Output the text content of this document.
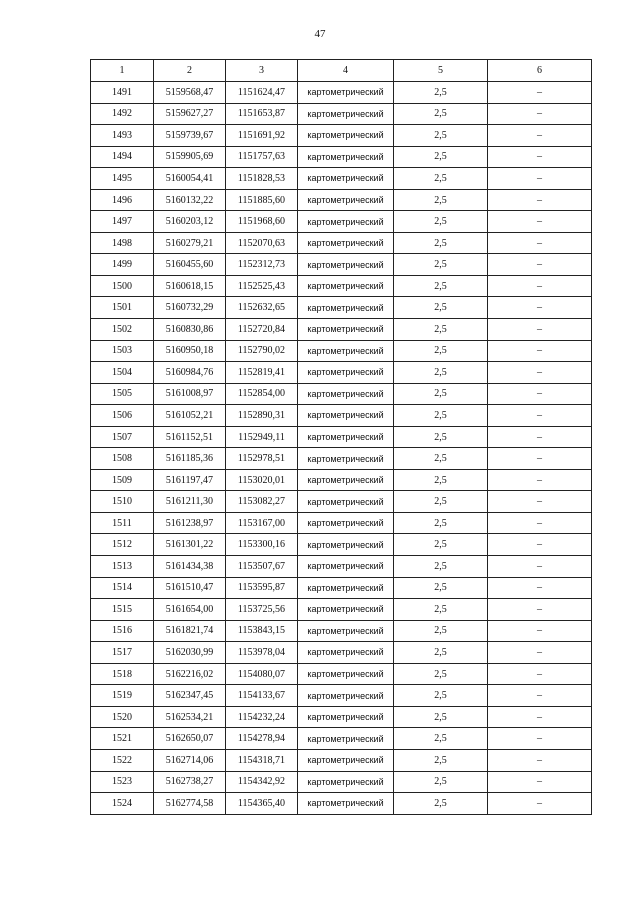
47
1	2	3	4	5	6
1491	5159568,47	1151624,47	картометрический	2,5	–
1492	5159627,27	1151653,87	картометрический	2,5	–
1493	5159739,67	1151691,92	картометрический	2,5	–
1494	5159905,69	1151757,63	картометрический	2,5	–
1495	5160054,41	1151828,53	картометрический	2,5	–
1496	5160132,22	1151885,60	картометрический	2,5	–
1497	5160203,12	1151968,60	картометрический	2,5	–
1498	5160279,21	1152070,63	картометрический	2,5	–
1499	5160455,60	1152312,73	картометрический	2,5	–
1500	5160618,15	1152525,43	картометрический	2,5	–
1501	5160732,29	1152632,65	картометрический	2,5	–
1502	5160830,86	1152720,84	картометрический	2,5	–
1503	5160950,18	1152790,02	картометрический	2,5	–
1504	5160984,76	1152819,41	картометрический	2,5	–
1505	5161008,97	1152854,00	картометрический	2,5	–
1506	5161052,21	1152890,31	картометрический	2,5	–
1507	5161152,51	1152949,11	картометрический	2,5	–
1508	5161185,36	1152978,51	картометрический	2,5	–
1509	5161197,47	1153020,01	картометрический	2,5	–
1510	5161211,30	1153082,27	картометрический	2,5	–
1511	5161238,97	1153167,00	картометрический	2,5	–
1512	5161301,22	1153300,16	картометрический	2,5	–
1513	5161434,38	1153507,67	картометрический	2,5	–
1514	5161510,47	1153595,87	картометрический	2,5	–
1515	5161654,00	1153725,56	картометрический	2,5	–
1516	5161821,74	1153843,15	картометрический	2,5	–
1517	5162030,99	1153978,04	картометрический	2,5	–
1518	5162216,02	1154080,07	картометрический	2,5	–
1519	5162347,45	1154133,67	картометрический	2,5	–
1520	5162534,21	1154232,24	картометрический	2,5	–
1521	5162650,07	1154278,94	картометрический	2,5	–
1522	5162714,06	1154318,71	картометрический	2,5	–
1523	5162738,27	1154342,92	картометрический	2,5	–
1524	5162774,58	1154365,40	картометрический	2,5	–
